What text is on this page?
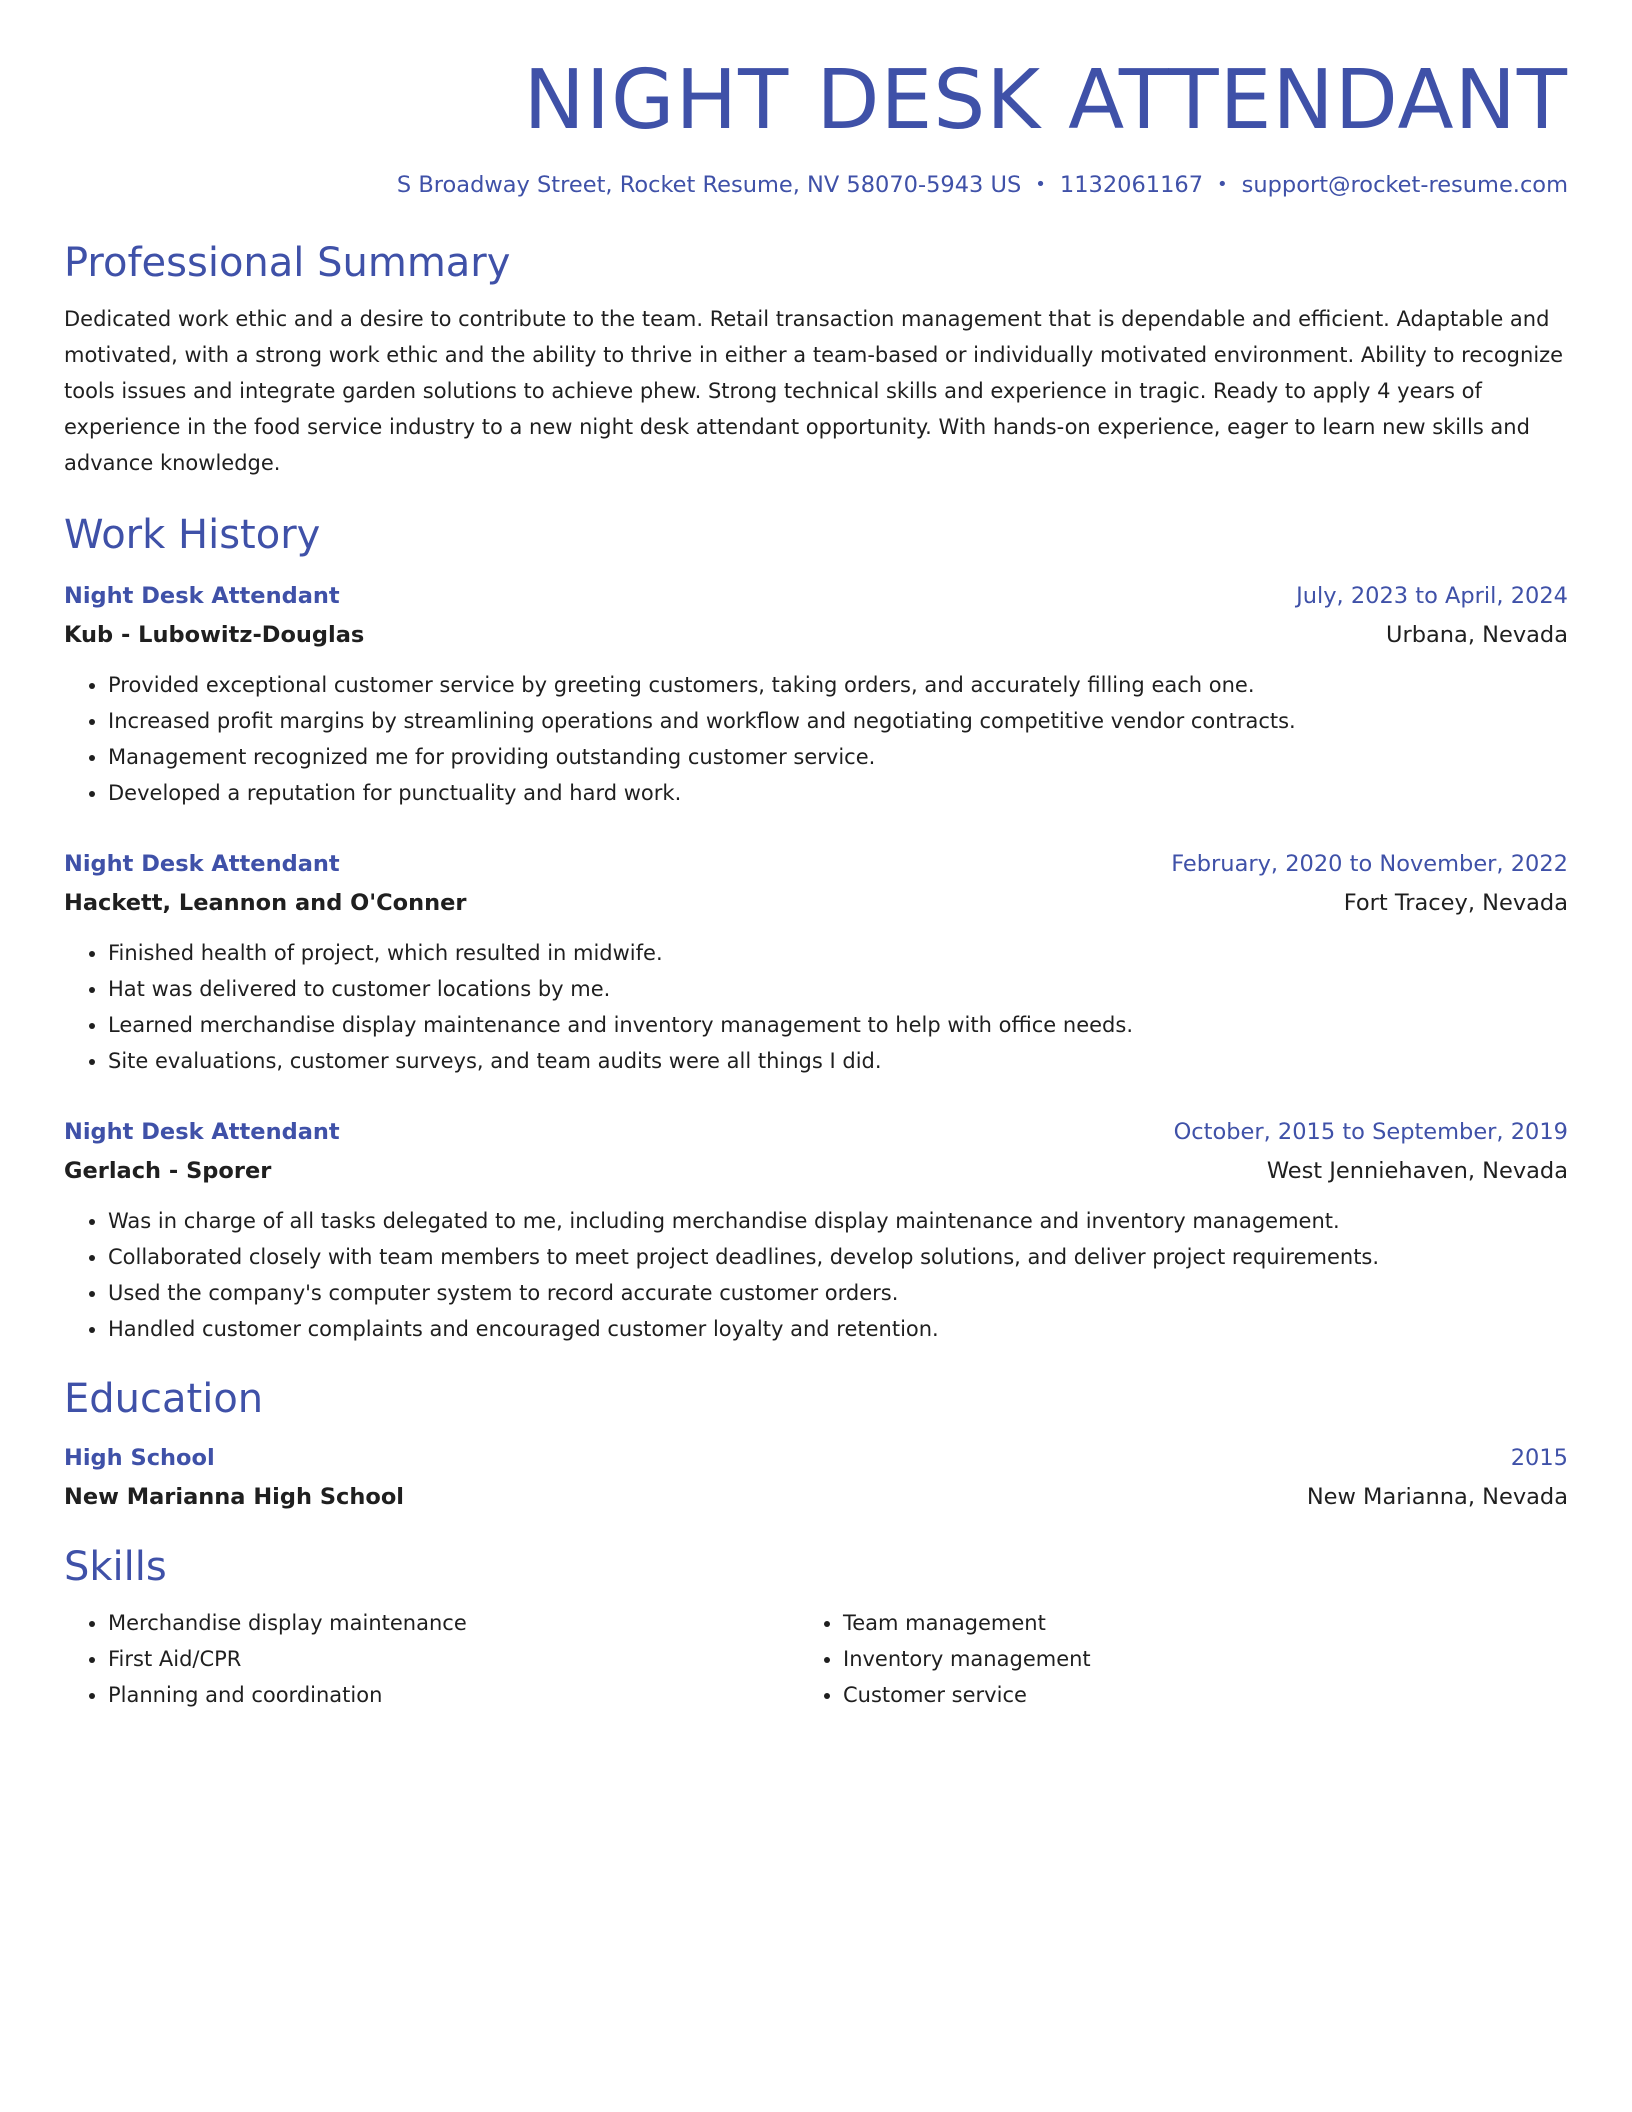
NIGHT DESK ATTENDANT
S Broadway Street, Rocket Resume, NV 58070-5943 US • 1132061167 • support@rocket-resume.com
Professional Summary
Dedicated work ethic and a desire to contribute to the team. Retail transaction management that is dependable and efficient. Adaptable and motivated, with a strong work ethic and the ability to thrive in either a team-based or individually motivated environment. Ability to recognize tools issues and integrate garden solutions to achieve phew. Strong technical skills and experience in tragic. Ready to apply 4 years of experience in the food service industry to a new night desk attendant opportunity. With hands-on experience, eager to learn new skills and advance knowledge.
Work History
Night Desk Attendant	July, 2023 to April, 2024
Kub - Lubowitz-Douglas	Urbana, Nevada
• Provided exceptional customer service by greeting customers, taking orders, and accurately filling each one.
• Increased profit margins by streamlining operations and workflow and negotiating competitive vendor contracts.
• Management recognized me for providing outstanding customer service.
• Developed a reputation for punctuality and hard work.
Night Desk Attendant	February, 2020 to November, 2022
Hackett, Leannon and O'Conner	Fort Tracey, Nevada
• Finished health of project, which resulted in midwife.
• Hat was delivered to customer locations by me.
• Learned merchandise display maintenance and inventory management to help with office needs.
• Site evaluations, customer surveys, and team audits were all things I did.
Night Desk Attendant	October, 2015 to September, 2019
Gerlach - Sporer	West Jenniehaven, Nevada
• Was in charge of all tasks delegated to me, including merchandise display maintenance and inventory management.
• Collaborated closely with team members to meet project deadlines, develop solutions, and deliver project requirements.
• Used the company's computer system to record accurate customer orders.
• Handled customer complaints and encouraged customer loyalty and retention.
Education
High School	2015
New Marianna High School	New Marianna, Nevada
Skills
• Merchandise display maintenance
• First Aid/CPR
• Planning and coordination
• Team management
• Inventory management
• Customer service
